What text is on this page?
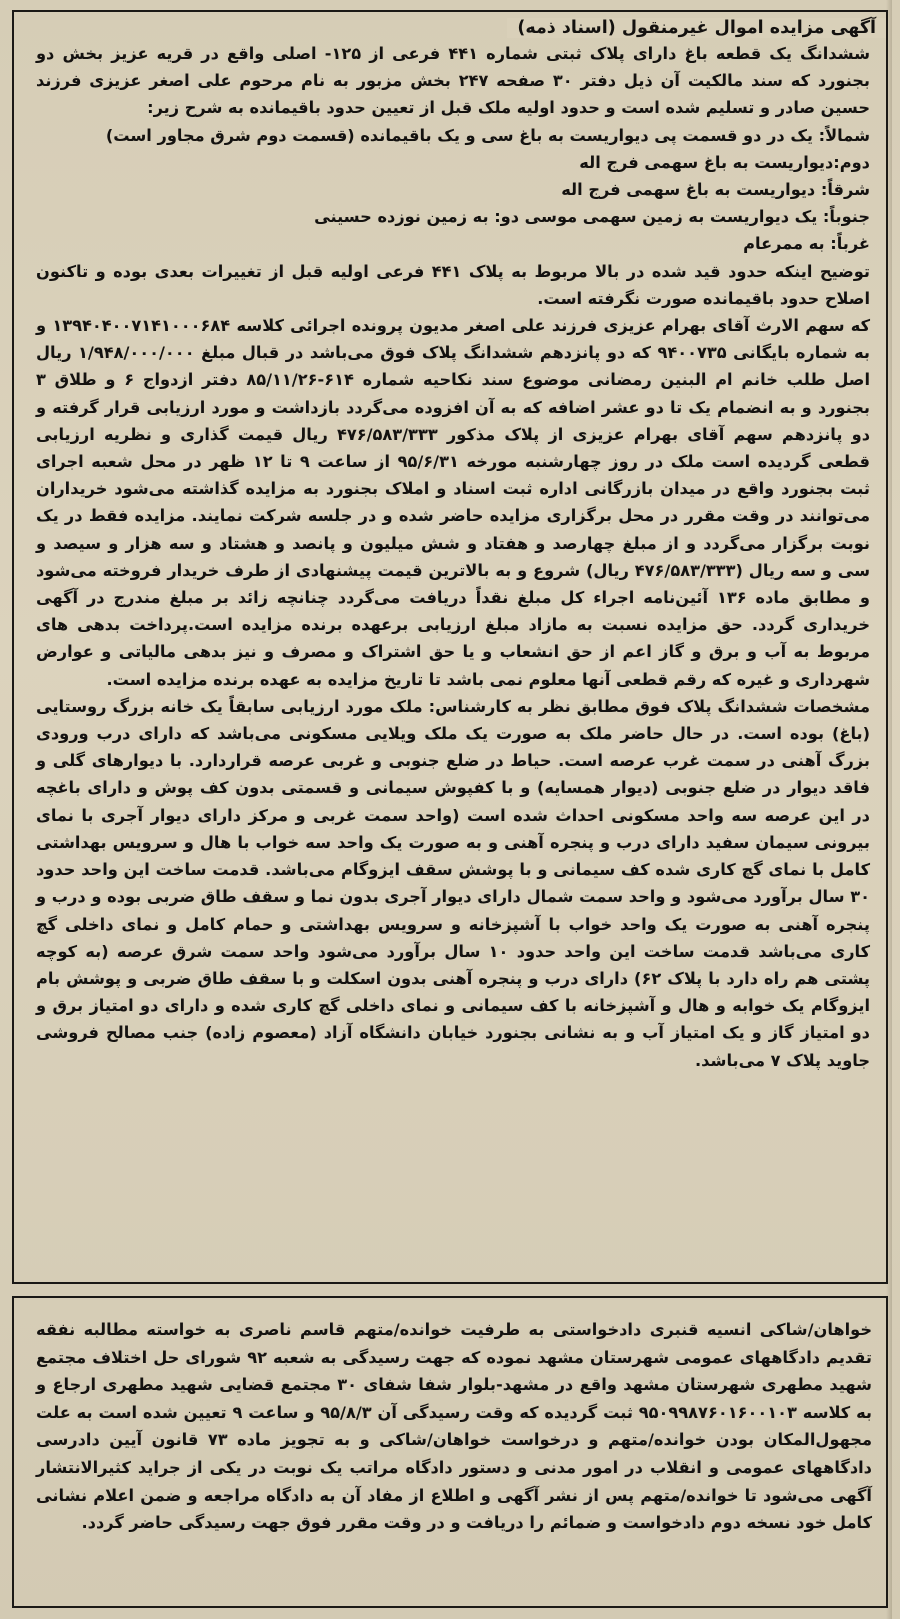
آگهی مزایده اموال غیرمنقول (اسناد ذمه)

ششدانگ یک قطعه باغ دارای پلاک ثبتی شماره ۴۴۱ فرعی از ۱۲۵- اصلی واقع در قریه عزیز بخش دو بجنورد که سند مالکیت آن ذیل دفتر ۳۰ صفحه ۲۴۷ بخش مزبور به نام مرحوم علی اصغر عزیزی فرزند حسین صادر و تسلیم شده است و حدود اولیه ملک قبل از تعیین حدود باقیمانده به شرح زیر:

شمالاً: یک در دو قسمت پی دیواریست به باغ سی و یک باقیمانده (قسمت دوم شرق مجاور است)

دوم:دیواریست به باغ سهمی فرج اله

شرقاً: دیواریست به باغ سهمی فرج اله

جنوباً: یک دیواریست به زمین سهمی موسی دو: به زمین نوزده حسینی

غرباً: به ممرعام

توضیح اینکه حدود قید شده در بالا مربوط به پلاک ۴۴۱ فرعی اولیه قبل از تغییرات بعدی بوده و تاکنون اصلاح حدود باقیمانده صورت نگرفته است.

که سهم الارث آقای بهرام عزیزی فرزند علی اصغر مدیون پرونده اجرائی کلاسه ۱۳۹۴۰۴۰۰۷۱۴۱۰۰۰۶۸۴ و به شماره بایگانی ۹۴۰۰۷۳۵ که دو پانزدهم ششدانگ پلاک فوق می‌باشد در قبال مبلغ ۱/۹۴۸/۰۰۰/۰۰۰ ریال اصل طلب خانم ام البنین رمضانی موضوع سند نکاحیه شماره ۶۱۴-۸۵/۱۱/۲۶ دفتر ازدواج ۶ و طلاق ۳ بجنورد و به انضمام یک تا دو عشر اضافه که به آن افزوده می‌گردد بازداشت و مورد ارزیابی قرار گرفته و دو پانزدهم سهم آقای بهرام عزیزی از پلاک مذکور ۴۷۶/۵۸۳/۳۳۳ ریال قیمت گذاری و نظریه ارزیابی قطعی گردیده است ملک در روز چهارشنبه مورخه ۹۵/۶/۳۱ از ساعت ۹ تا ۱۲ ظهر در محل شعبه اجرای ثبت بجنورد واقع در میدان بازرگانی اداره ثبت اسناد و املاک بجنورد به مزایده گذاشته می‌شود خریداران می‌توانند در وقت مقرر در محل برگزاری مزایده حاضر شده و در جلسه شرکت نمایند. مزایده فقط در یک نوبت برگزار می‌گردد و از مبلغ چهارصد و هفتاد و شش میلیون و پانصد و هشتاد و سه هزار و سیصد و سی و سه ریال (۴۷۶/۵۸۳/۳۳۳ ریال) شروع و به بالاترین قیمت پیشنهادی از طرف خریدار فروخته می‌شود و مطابق ماده ۱۳۶ آئین‌نامه اجراء کل مبلغ نقداً دریافت می‌گردد چنانچه زائد بر مبلغ مندرج در آگهی خریداری گردد. حق مزایده نسبت به مازاد مبلغ ارزیابی برعهده برنده مزایده است.پرداخت بدهی های مربوط به آب و برق و گاز اعم از حق انشعاب و یا حق اشتراک و مصرف و نیز بدهی مالیاتی و عوارض شهرداری و غیره که رقم قطعی آنها معلوم نمی باشد تا تاریخ مزایده به عهده برنده مزایده است.

مشخصات ششدانگ پلاک فوق مطابق نظر به کارشناس: ملک مورد ارزیابی سابقاً یک خانه بزرگ روستایی (باغ) بوده است. در حال حاضر ملک به صورت یک ملک ویلایی مسکونی می‌باشد که دارای درب ورودی بزرگ آهنی در سمت غرب عرصه است. حیاط در ضلع جنوبی و غربی عرصه قراردارد. با دیوارهای گلی و فاقد دیوار در ضلع جنوبی (دیوار همسایه) و با کفپوش سیمانی و قسمتی بدون کف پوش و دارای باغچه در این عرصه سه واحد مسکونی احداث شده است (واحد سمت غربی و مرکز دارای دیوار آجری با نمای بیرونی سیمان سفید دارای درب و پنجره آهنی و به صورت یک واحد سه خواب با هال و سرویس بهداشتی کامل با نمای گچ کاری شده کف سیمانی و با پوشش سقف ایزوگام می‌باشد. قدمت ساخت این واحد حدود ۳۰ سال برآورد می‌شود و واحد سمت شمال دارای دیوار آجری بدون نما و سقف طاق ضربی بوده و درب و پنجره آهنی به صورت یک واحد خواب با آشپزخانه و سرویس بهداشتی و حمام کامل و نمای داخلی گچ کاری می‌باشد قدمت ساخت این واحد حدود ۱۰ سال برآورد می‌شود واحد سمت شرق عرصه (به کوچه پشتی هم راه دارد با پلاک ۶۲) دارای درب و پنجره آهنی بدون اسکلت و با سقف طاق ضربی و پوشش بام ایزوگام یک خوابه و هال و آشپزخانه با کف سیمانی و نمای داخلی گچ کاری شده و دارای دو امتیاز برق و دو امتیاز گاز و یک امتیاز آب و به نشانی بجنورد خیابان دانشگاه آزاد (معصوم زاده) جنب مصالح فروشی جاوید پلاک ۷ می‌باشد.

خواهان/شاکی انسیه قنبری دادخواستی به طرفیت خوانده/متهم قاسم ناصری به خواسته مطالبه نفقه تقدیم دادگاههای عمومی شهرستان مشهد نموده که جهت رسیدگی به شعبه ۹۲ شورای حل اختلاف مجتمع شهید مطهری شهرستان مشهد واقع در مشهد-بلوار شفا شفای ۳۰ مجتمع قضایی شهید مطهری ارجاع و به کلاسه ۹۵۰۹۹۸۷۶۰۱۶۰۰۱۰۳ ثبت گردیده که وقت رسیدگی آن ۹۵/۸/۳ و ساعت ۹ تعیین شده است به علت مجهول‌المکان بودن خوانده/متهم و درخواست خواهان/شاکی و به تجویز ماده ۷۳ قانون آیین دادرسی دادگاههای عمومی و انقلاب در امور مدنی و دستور دادگاه مراتب یک نوبت در یکی از جراید کثیرالانتشار آگهی می‌شود تا خوانده/متهم پس از نشر آگهی و اطلاع از مفاد آن به دادگاه مراجعه و ضمن اعلام نشانی کامل خود نسخه دوم دادخواست و ضمائم را دریافت و در وقت مقرر فوق جهت رسیدگی حاضر گردد.
